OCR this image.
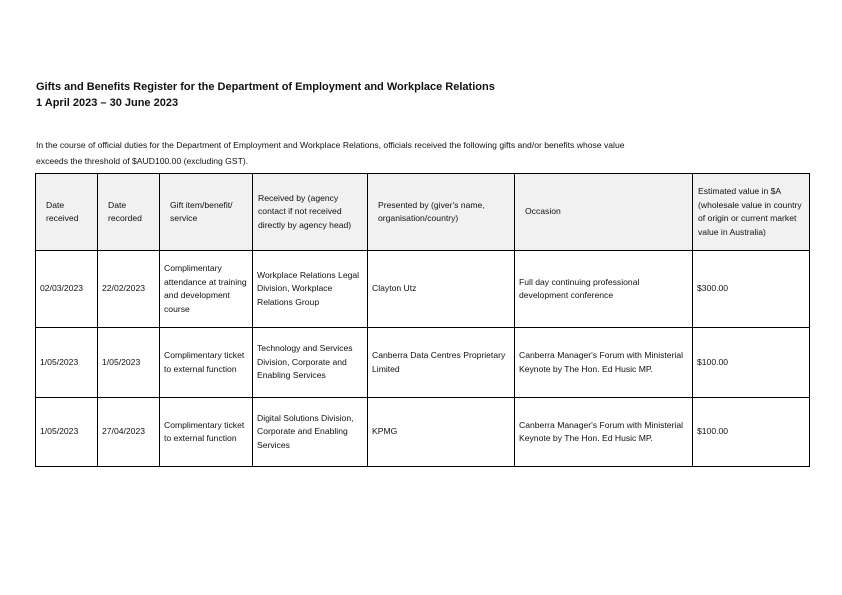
Gifts and Benefits Register for the Department of Employment and Workplace Relations
1 April 2023 – 30 June 2023
In the course of official duties for the Department of Employment and Workplace Relations, officials received the following gifts and/or benefits whose value
exceeds the threshold of $AUD100.00 (excluding GST).
Date received	Date recorded	Gift item/benefit/ service	Received by (agency contact if not received directly by agency head)	Presented by (giver's name, organisation/country)	Occasion	Estimated value in $A (wholesale value in country of origin or current market value in Australia)
02/03/2023	22/02/2023	Complimentary attendance at training and development course	Workplace Relations Legal Division, Workplace Relations Group	Clayton Utz	Full day continuing professional development conference	$300.00
1/05/2023	1/05/2023	Complimentary ticket to external function	Technology and Services Division, Corporate and Enabling Services	Canberra Data Centres Proprietary Limited	Canberra Manager's Forum with Ministerial Keynote by The Hon. Ed Husic MP.	$100.00
1/05/2023	27/04/2023	Complimentary ticket to external function	Digital Solutions Division, Corporate and Enabling Services	KPMG	Canberra Manager's Forum with Ministerial Keynote by The Hon. Ed Husic MP.	$100.00
